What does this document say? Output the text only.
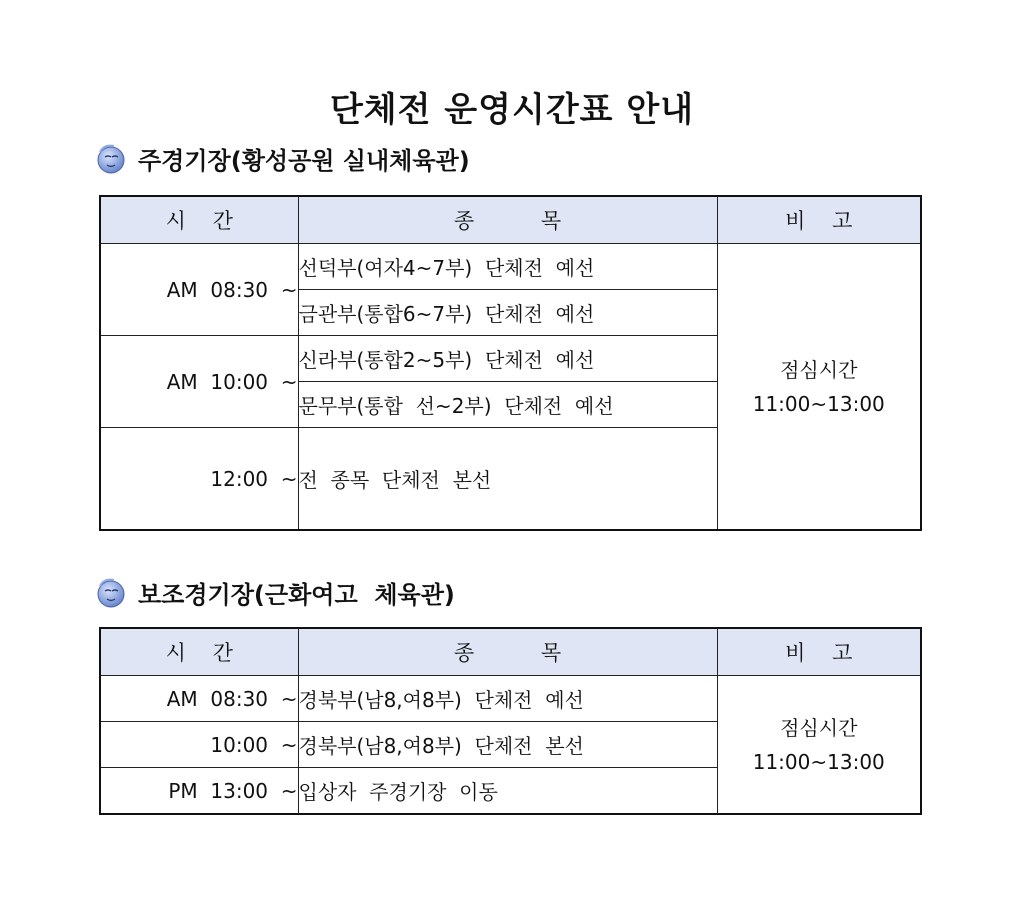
단체전 운영시간표 안내
주경기장(황성공원 실내체육관)
시    간	종          목	비    고
AM  08:30  ~	선덕부(여자4~7부)  단체전  예선	점심시간
11:00~13:00

	금관부(통합6~7부)  단체전  예선	
AM  10:00  ~	신라부(통합2~5부)  단체전  예선	
	문무부(통합  선~2부)  단체전  예선	
12:00  ~	전  종목  단체전  본선	
보조경기장(근화여고  체육관)
시    간	종          목	비    고
AM  08:30  ~	경북부(남8,여8부)  단체전  예선	점심시간
11:00~13:00

10:00  ~	경북부(남8,여8부)  단체전  본선	
PM  13:00  ~	입상자  주경기장  이동	
